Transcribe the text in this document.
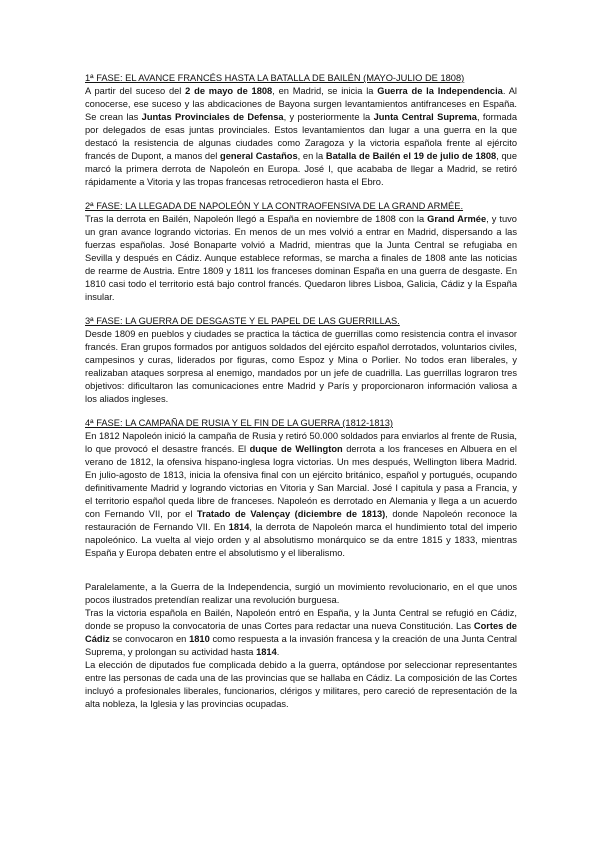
1ª FASE: EL AVANCE FRANCÉS HASTA LA BATALLA DE BAILÉN (MAYO-JULIO DE 1808)

A partir del suceso del 2 de mayo de 1808, en Madrid, se inicia la Guerra de la Independencia. Al conocerse, ese suceso y las abdicaciones de Bayona surgen levantamientos antifranceses en España. Se crean las Juntas Provinciales de Defensa, y posteriormente la Junta Central Suprema, formada por delegados de esas juntas provinciales. Estos levantamientos dan lugar a una guerra en la que destacó la resistencia de algunas ciudades como Zaragoza y la victoria española frente al ejército francés de Dupont, a manos del general Castaños, en la Batalla de Bailén el 19 de julio de 1808, que marcó la primera derrota de Napoleón en Europa. José I, que acababa de llegar a Madrid, se retiró rápidamente a Vitoria y las tropas francesas retrocedieron hasta el Ebro.

2ª FASE: LA LLEGADA DE NAPOLEÓN Y LA CONTRAOFENSIVA DE LA GRAND ARMÉE.

Tras la derrota en Bailén, Napoleón llegó a España en noviembre de 1808 con la Grand Armée, y tuvo un gran avance logrando victorias. En menos de un mes volvió a entrar en Madrid, dispersando a las fuerzas españolas. José Bonaparte volvió a Madrid, mientras que la Junta Central se refugiaba en Sevilla y después en Cádiz. Aunque establece reformas, se marcha a finales de 1808 ante las noticias de rearme de Austria. Entre 1809 y 1811 los franceses dominan España en una guerra de desgaste. En 1810 casi todo el territorio está bajo control francés. Quedaron libres Lisboa, Galicia, Cádiz y la España insular.

3ª FASE: LA GUERRA DE DESGASTE Y EL PAPEL DE LAS GUERRILLAS.

Desde 1809 en pueblos y ciudades se practica la táctica de guerrillas como resistencia contra el invasor francés. Eran grupos formados por antiguos soldados del ejército español derrotados, voluntarios civiles, campesinos y curas, liderados por figuras, como Espoz y Mina o Porlier. No todos eran liberales, y realizaban ataques sorpresa al enemigo, mandados por un jefe de cuadrilla. Las guerrillas lograron tres objetivos: dificultaron las comunicaciones entre Madrid y París y proporcionaron información valiosa a los aliados ingleses.

4ª FASE: LA CAMPAÑA DE RUSIA Y EL FIN DE LA GUERRA (1812-1813)

En 1812 Napoleón inició la campaña de Rusia y retiró 50.000 soldados para enviarlos al frente de Rusia, lo que provocó el desastre francés. El duque de Wellington derrota a los franceses en Albuera en el verano de 1812, la ofensiva hispano-inglesa logra victorias. Un mes después, Wellington libera Madrid. En julio-agosto de 1813, inicia la ofensiva final con un ejército británico, español y portugués, ocupando definitivamente Madrid y logrando victorias en Vitoria y San Marcial. José I capitula y pasa a Francia, y el territorio español queda libre de franceses. Napoleón es derrotado en Alemania y llega a un acuerdo con Fernando VII, por el Tratado de Valençay (diciembre de 1813), donde Napoleón reconoce la restauración de Fernando VII. En 1814, la derrota de Napoleón marca el hundimiento total del imperio napoleónico. La vuelta al viejo orden y al absolutismo monárquico se da entre 1815 y 1833, mientras España y Europa debaten entre el absolutismo y el liberalismo.

Paralelamente, a la Guerra de la Independencia, surgió un movimiento revolucionario, en el que unos pocos ilustrados pretendían realizar una revolución burguesa.

Tras la victoria española en Bailén, Napoleón entró en España, y la Junta Central se refugió en Cádiz, donde se propuso la convocatoria de unas Cortes para redactar una nueva Constitución. Las Cortes de Cádiz se convocaron en 1810 como respuesta a la invasión francesa y la creación de una Junta Central Suprema, y prolongan su actividad hasta 1814.

La elección de diputados fue complicada debido a la guerra, optándose por seleccionar representantes entre las personas de cada una de las provincias que se hallaba en Cádiz. La composición de las Cortes incluyó a profesionales liberales, funcionarios, clérigos y militares, pero careció de representación de la alta nobleza, la Iglesia y las provincias ocupadas.
